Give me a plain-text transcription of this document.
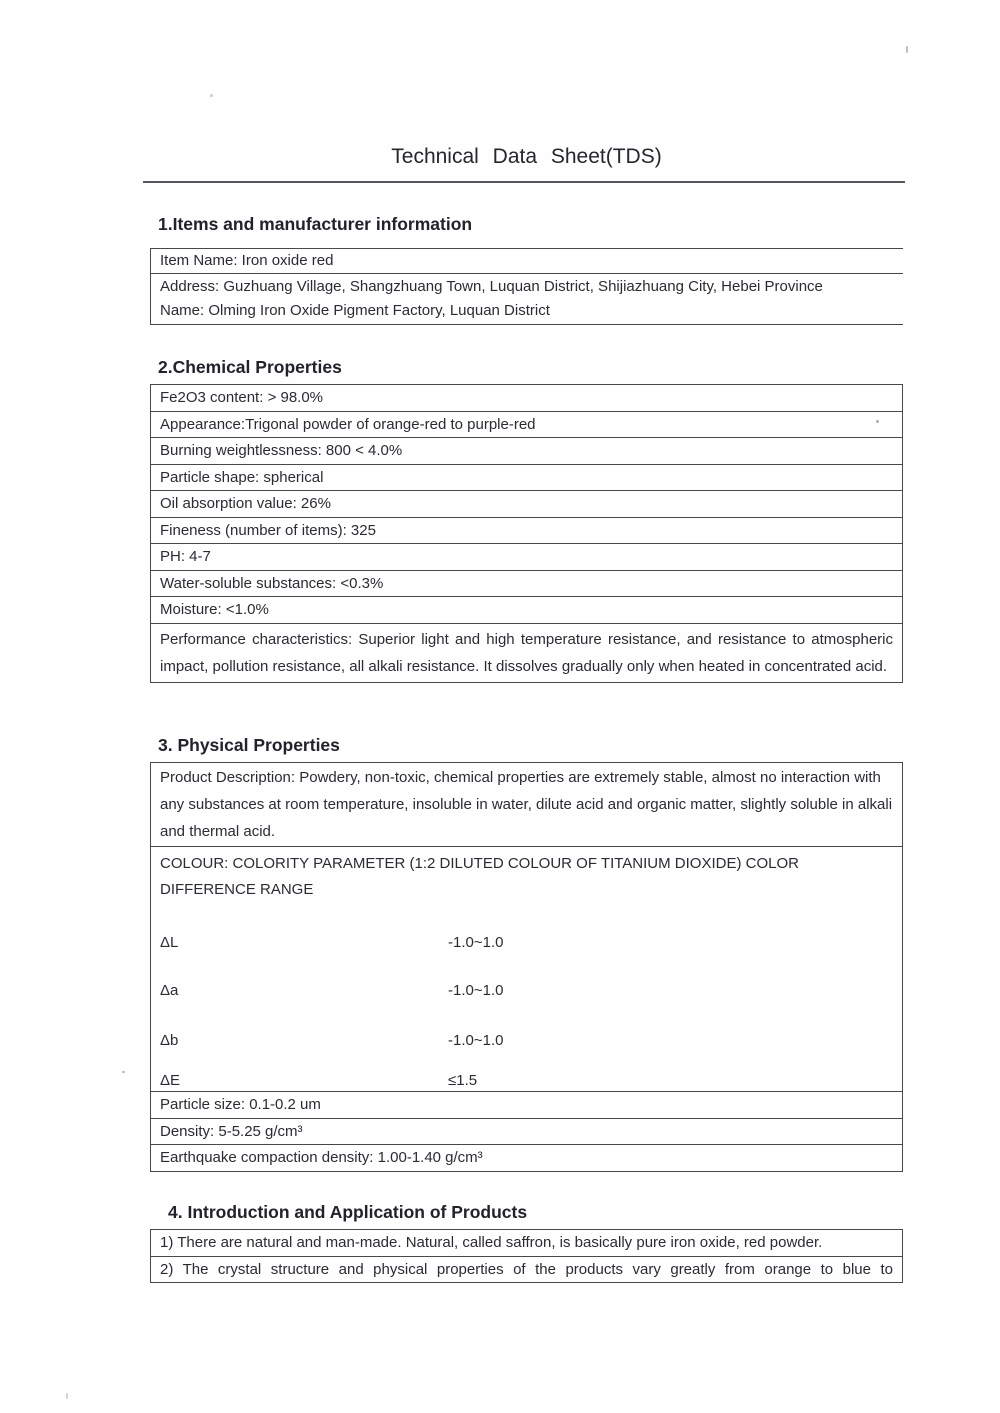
Technical Data Sheet(TDS)
1.Items and manufacturer information
Item Name: Iron oxide red
Address: Guzhuang Village, Shangzhuang Town, Luquan District, Shijiazhuang City, Hebei Province
Name: Olming Iron Oxide Pigment Factory, Luquan District
2.Chemical Properties
Fe2O3 content: > 98.0%
Appearance:Trigonal powder of orange-red to purple-red
Burning weightlessness: 800 < 4.0%
Particle shape: spherical
Oil absorption value: 26%
Fineness (number of items): 325
PH: 4-7
Water-soluble substances: <0.3%
Moisture: <1.0%
Performance characteristics: Superior light and high temperature resistance, and resistance to atmospheric impact, pollution resistance, all alkali resistance. It dissolves gradually only when heated in concentrated acid.
3. Physical Properties
Product Description: Powdery, non-toxic, chemical properties are extremely stable, almost no interaction with any substances at room temperature, insoluble in water, dilute acid and organic matter, slightly soluble in alkali and thermal acid.
COLOUR: COLORITY PARAMETER (1:2 DILUTED COLOUR OF TITANIUM DIOXIDE) COLOR DIFFERENCE RANGE
ΔL	-1.0~1.0
Δa	-1.0~1.0
Δb	-1.0~1.0
ΔE	≤1.5
Particle size: 0.1-0.2 um
Density: 5-5.25 g/cm³
Earthquake compaction density: 1.00-1.40 g/cm³
4. Introduction and Application of Products
1) There are natural and man-made. Natural, called saffron, is basically pure iron oxide, red powder.
2) The crystal structure and physical properties of the products vary greatly from orange to blue to
